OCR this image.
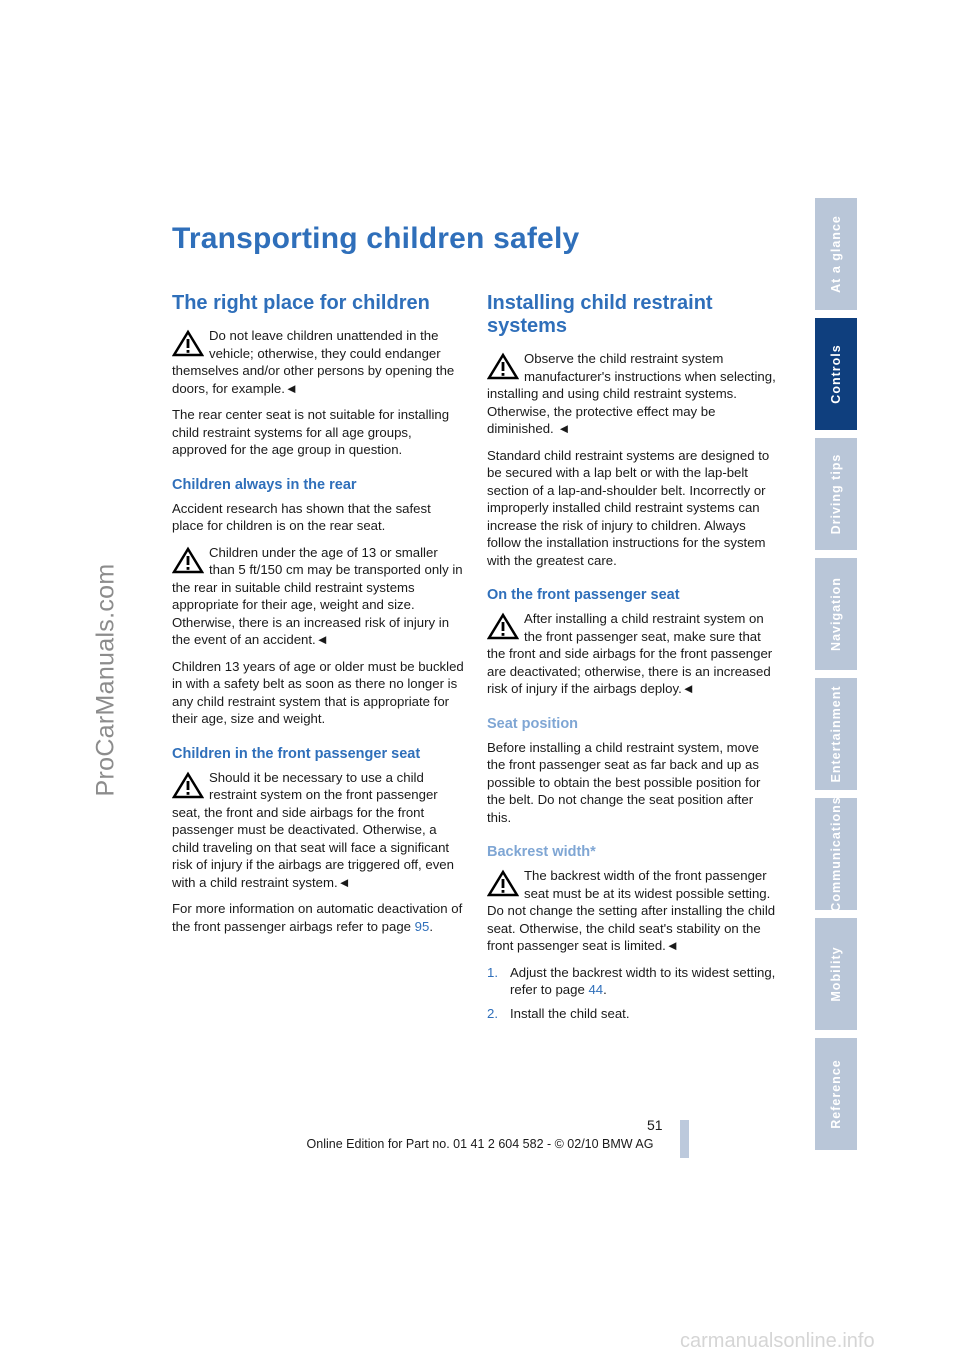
ProCarManuals.com
At a glance
Controls
Driving tips
Navigation
Entertainment
Communications
Mobility
Reference
Transporting children safely
The right place for children

Do not leave children unattended in the vehicle; otherwise, they could endanger themselves and/or other persons by opening the doors, for example.◄

The rear center seat is not suitable for installing child restraint systems for all age groups, approved for the age group in question.

Children always in the rear

Accident research has shown that the safest place for children is on the rear seat.

Children under the age of 13 or smaller than 5 ft/150 cm may be transported only in the rear in suitable child restraint systems appropriate for their age, weight and size. Otherwise, there is an increased risk of injury in the event of an accident.◄

Children 13 years of age or older must be buckled in with a safety belt as soon as there no longer is any child restraint system that is appropriate for their age, size and weight.

Children in the front passenger seat

Should it be necessary to use a child restraint system on the front passenger seat, the front and side airbags for the front passenger must be deactivated. Otherwise, a child traveling on that seat will face a significant risk of injury if the airbags are triggered off, even with a child restraint system.◄

For more information on automatic deactivation of the front passenger airbags refer to page 95.

Installing child restraint systems

Observe the child restraint system manufacturer's instructions when selecting, installing and using child restraint systems. Otherwise, the protective effect may be diminished. ◄

Standard child restraint systems are designed to be secured with a lap belt or with the lap-belt section of a lap-and-shoulder belt. Incorrectly or improperly installed child restraint systems can increase the risk of injury to children. Always follow the installation instructions for the system with the greatest care.

On the front passenger seat

After installing a child restraint system on the front passenger seat, make sure that the front and side airbags for the front passenger are deactivated; otherwise, there is an increased risk of injury if the airbags deploy.◄

Seat position

Before installing a child restraint system, move the front passenger seat as far back and up as possible to obtain the best possible position for the belt. Do not change the seat position after this.

Backrest width*

The backrest width of the front passenger seat must be at its widest possible setting. Do not change the setting after installing the child seat. Otherwise, the child seat's stability on the front passenger seat is limited.◄

1. Adjust the backrest width to its widest setting, refer to page 44.
2. Install the child seat.
51
Online Edition for Part no. 01 41 2 604 582 - © 02/10 BMW AG
carmanualsonline.info
